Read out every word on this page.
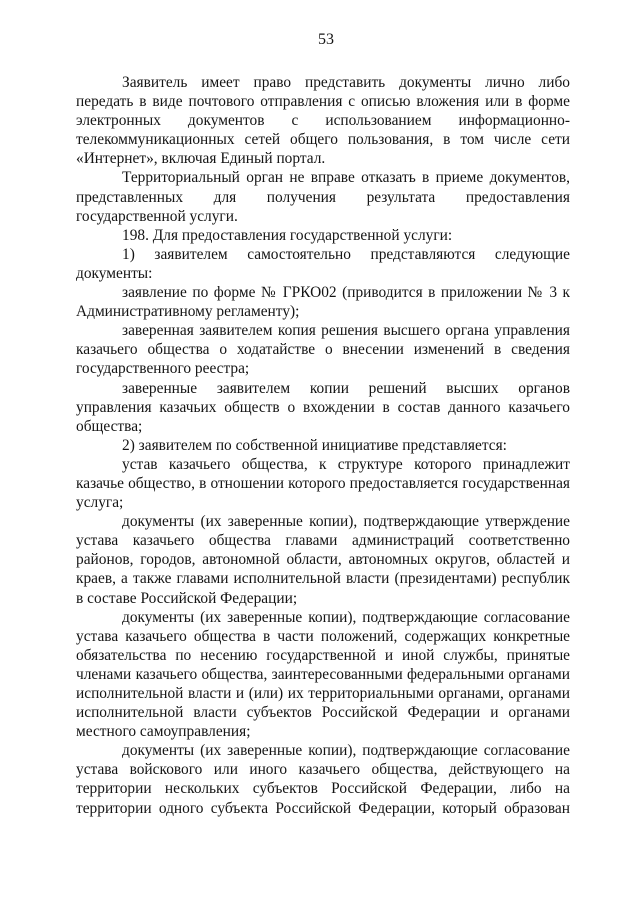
53

Заявитель имеет право представить документы лично либо передать в виде почтового отправления с описью вложения или в форме электронных документов с использованием информационно-телекоммуникационных сетей общего пользования, в том числе сети «Интернет», включая Единый портал.

Территориальный орган не вправе отказать в приеме документов, представленных для получения результата предоставления государственной услуги.

198. Для предоставления государственной услуги:

1) заявителем самостоятельно представляются следующие документы:

заявление по форме № ГРКО02 (приводится в приложении № 3 к Административному регламенту);

заверенная заявителем копия решения высшего органа управления казачьего общества о ходатайстве о внесении изменений в сведения государственного реестра;

заверенные заявителем копии решений высших органов управления казачьих обществ о вхождении в состав данного казачьего общества;

2) заявителем по собственной инициативе представляется:

устав казачьего общества, к структуре которого принадлежит казачье общество, в отношении которого предоставляется государственная услуга;

документы (их заверенные копии), подтверждающие утверждение устава казачьего общества главами администраций соответственно районов, городов, автономной области, автономных округов, областей и краев, а также главами исполнительной власти (президентами) республик в составе Российской Федерации;

документы (их заверенные копии), подтверждающие согласование устава казачьего общества в части положений, содержащих конкретные обязательства по несению государственной и иной службы, принятые членами казачьего общества, заинтересованными федеральными органами исполнительной власти и (или) их территориальными органами, органами исполнительной власти субъектов Российской Федерации и органами местного самоуправления;

документы (их заверенные копии), подтверждающие согласование устава войскового или иного казачьего общества, действующего на территории нескольких субъектов Российской Федерации, либо на территории одного субъекта Российской Федерации, который образован
